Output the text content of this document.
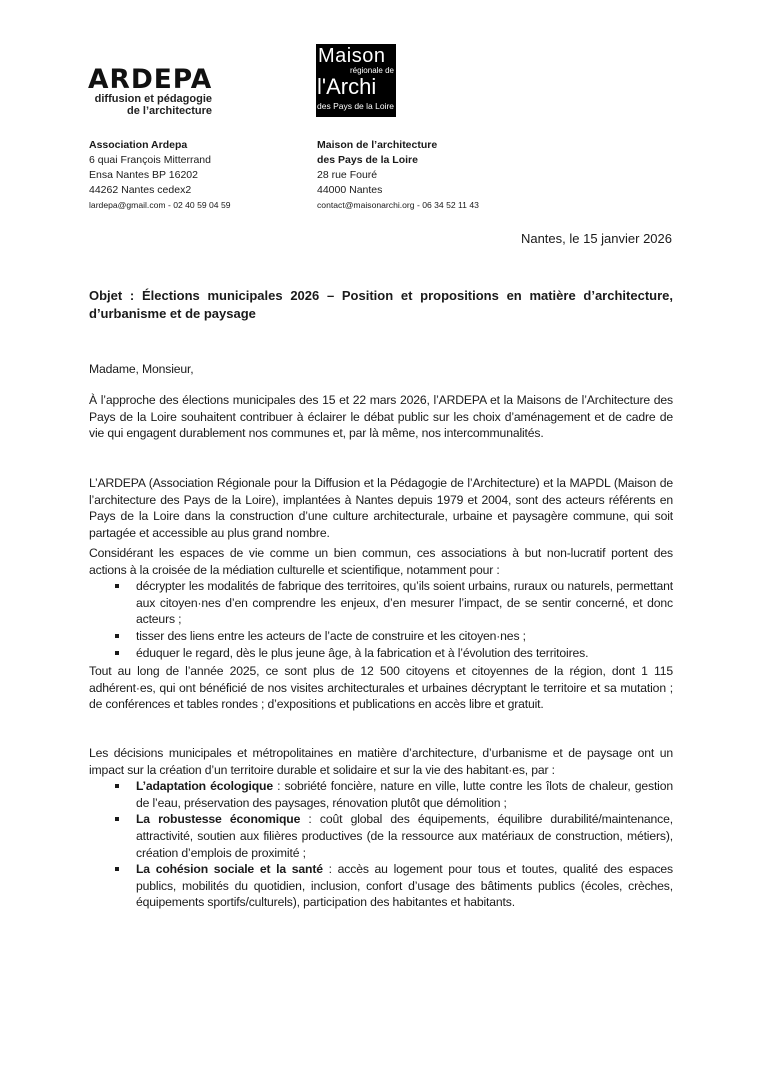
ARDEPA
diffusion et pédagogie
de l’architecture
Maison
régionale de
l'Archi
des Pays de la Loire
Association Ardepa
6 quai François Mitterrand
Ensa Nantes BP 16202
44262 Nantes cedex2
lardepa@gmail.com - 02 40 59 04 59
Maison de l’architecture
des Pays de la Loire
28 rue Fouré
44000 Nantes
contact@maisonarchi.org - 06 34 52 11 43
Nantes, le 15 janvier 2026
Objet : Élections municipales 2026 – Position et propositions en matière d’architecture, d’urbanisme et de paysage
Madame, Monsieur,
À l’approche des élections municipales des 15 et 22 mars 2026, l’ARDEPA et la Maisons de l’Architecture des Pays de la Loire souhaitent contribuer à éclairer le débat public sur les choix d’aménagement et de cadre de vie qui engagent durablement nos communes et, par là même, nos intercommunalités.
L’ARDEPA (Association Régionale pour la Diffusion et la Pédagogie de l’Architecture) et la MAPDL (Maison de l’architecture des Pays de la Loire), implantées à Nantes depuis 1979 et 2004, sont des acteurs référents en Pays de la Loire dans la construction d’une culture architecturale, urbaine et paysagère commune, qui soit partagée et accessible au plus grand nombre.
Considérant les espaces de vie comme un bien commun, ces associations à but non-lucratif portent des actions à la croisée de la médiation culturelle et scientifique, notamment pour :
décrypter les modalités de fabrique des territoires, qu’ils soient urbains, ruraux ou naturels, permettant aux citoyen·nes d’en comprendre les enjeux, d’en mesurer l’impact, de se sentir concerné, et donc acteurs ;
tisser des liens entre les acteurs de l’acte de construire et les citoyen·nes ;
éduquer le regard, dès le plus jeune âge, à la fabrication et à l’évolution des territoires.
Tout au long de l’année 2025, ce sont plus de 12 500 citoyens et citoyennes de la région, dont 1 115 adhérent·es, qui ont bénéficié de nos visites architecturales et urbaines décryptant le territoire et sa mutation ; de conférences et tables rondes ; d’expositions et publications en accès libre et gratuit.
Les décisions municipales et métropolitaines en matière d’architecture, d’urbanisme et de paysage ont un impact sur la création d’un territoire durable et solidaire et sur la vie des habitant·es, par :
L’adaptation écologique : sobriété foncière, nature en ville, lutte contre les îlots de chaleur, gestion de l’eau, préservation des paysages, rénovation plutôt que démolition ;
La robustesse économique : coût global des équipements, équilibre durabilité/maintenance, attractivité, soutien aux filières productives (de la ressource aux matériaux de construction, métiers), création d’emplois de proximité ;
La cohésion sociale et la santé : accès au logement pour tous et toutes, qualité des espaces publics, mobilités du quotidien, inclusion, confort d’usage des bâtiments publics (écoles, crèches, équipements sportifs/culturels), participation des habitantes et habitants.
